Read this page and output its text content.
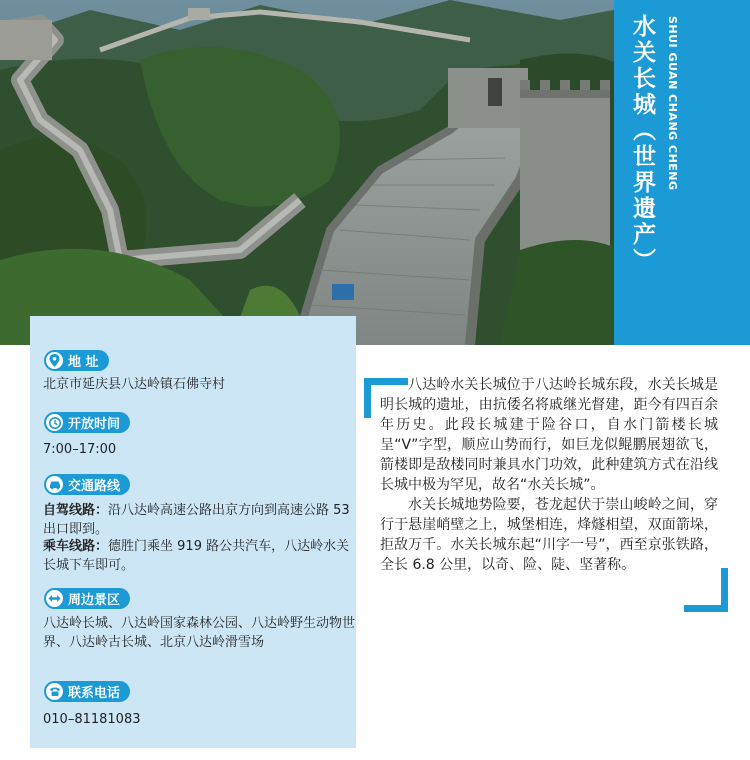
水关长城（世界遗产）	SHUI GUAN CHANG CHENG
地 址
北京市延庆县八达岭镇石佛寺村
开放时间
7:00–17:00
交通路线
自驾线路：沿八达岭高速公路出京方向到高速公路 53 出口即到。
乘车线路：德胜门乘坐 919 路公共汽车，八达岭水关长城下车即可。
周边景区
八达岭长城、八达岭国家森林公园、八达岭野生动物世界、八达岭古长城、北京八达岭滑雪场
联系电话
010–81181083

八达岭水关长城位于八达岭长城东段，水关长城是明长城的遗址，由抗倭名将戚继光督建，距今有四百余年历史。此段长城建于险谷口，自水门箭楼长城呈“V”字型，顺应山势而行，如巨龙似鲲鹏展翅欲飞，箭楼即是敌楼同时兼具水门功效，此种建筑方式在沿线长城中极为罕见，故名“水关长城”。

水关长城地势险要，苍龙起伏于崇山峻岭之间，穿行于悬崖峭壁之上，城堡相连，烽燧相望，双面箭垛，拒敌万千。水关长城东起“川字一号”，西至京张铁路，全长 6.8 公里，以奇、险、陡、坚著称。
